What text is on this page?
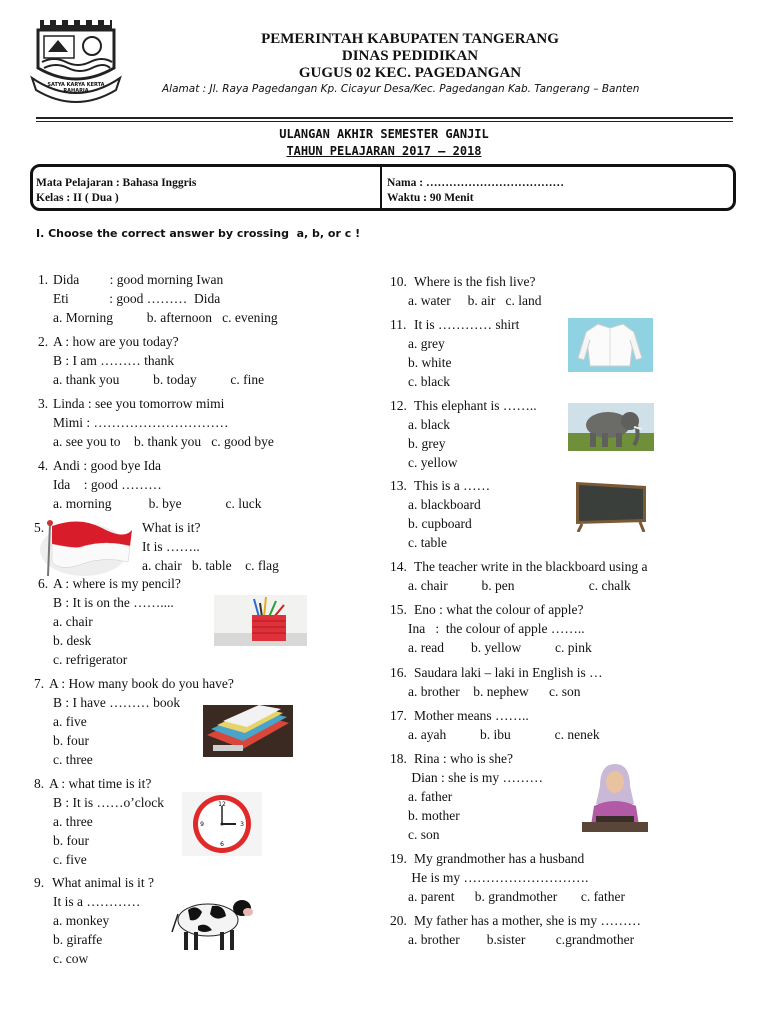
SATYA KARYA KERTA RAHARJA
PEMERINTAH KABUPATEN TANGERANG
DINAS PEDIDIKAN
GUGUS 02 KEC. PAGEDANGAN
Alamat : Jl. Raya Pagedangan Kp. Cicayur Desa/Kec. Pagedangan Kab. Tangerang – Banten
ULANGAN AKHIR SEMESTER GANJIL
TAHUN PELAJARAN 2017 – 2018
Mata Pelajaran : Bahasa Inggris
Kelas : II ( Dua )
Nama : ………………………………
Waktu : 90 Menit
I. Choose the correct answer by crossing  a, b, or c !

1.

Dida         : good morning Iwan

Eti            : good ………  Dida

a. Morning          b. afternoon   c. evening

2.

A : how are you today?

B : I am ……… thank

a. thank you          b. today          c. fine

3.

Linda : see you tomorrow mimi

Mimi : …………………………

a. see you to    b. thank you   c. good bye

4.

Andi : good bye Ida

Ida    : good ………

a. morning           b. bye             c. luck

5.

	What is it?

It is ……..

a. chair   b. table    c. flag

6.

A : where is my pencil?

B : It is on the ……....

a. chair

b. desk

c. refrigerator

7.

A : How many book do you have?

B : I have ……… book

a. five

b. four

c. three

8.

A : what time is it?

B : It is ……o’clock

a. three

b. four

c. five

12
3
6
9

9.

What animal is it ?

It is a …………

a. monkey

b. giraffe

c. cow

10.

Where is the fish live?

a. water     b. air   c. land

11.

It is ………… shirt

a. grey

b. white

c. black

12.

This elephant is ……..

a. black

b. grey

c. yellow

13.

This is a ……

a. blackboard

b. cupboard

c. table

14.

The teacher write in the blackboard using a

a. chair          b. pen                      c. chalk

15.

Eno : what the colour of apple?

Ina   :  the colour of apple ……..

a. read        b. yellow          c. pink

16.

Saudara laki – laki in English is …

a. brother    b. nephew      c. son

17.

Mother means ……..

a. ayah          b. ibu             c. nenek

18.

Rina : who is she?

Dian : she is my ………

a. father

b. mother

c. son

19.

My grandmother has a husband

He is my ……………………….

a. parent      b. grandmother       c. father

20.

My father has a mother, she is my ………

a. brother        b.sister         c.grandmother
